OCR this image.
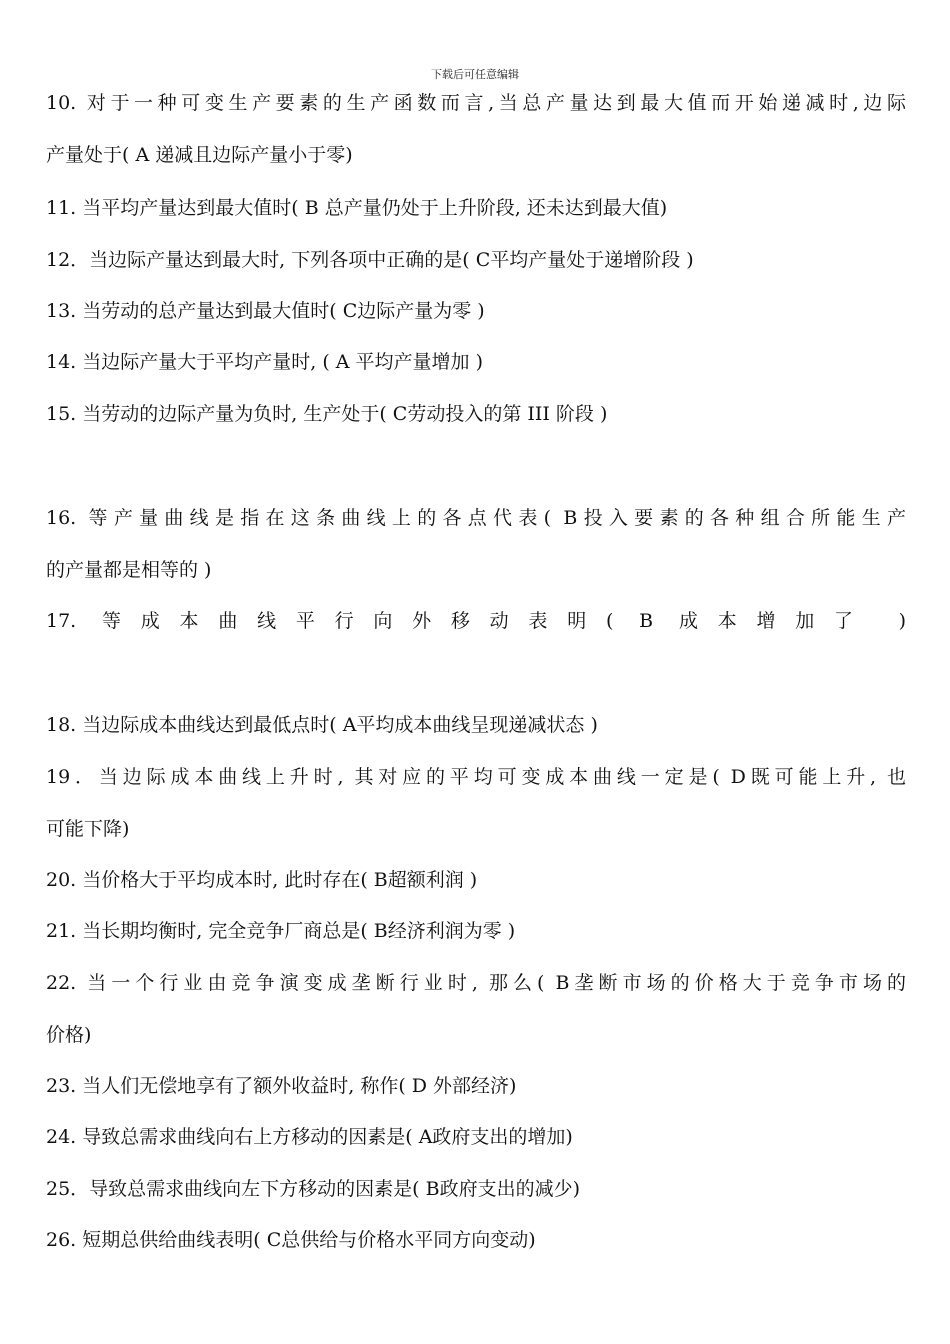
下载后可任意编辑
10. 对于一种可变生产要素的生产函数而言,当总产量达到最大值而开始递减时,边际
产量处于( A 递减且边际产量小于零)
11. 当平均产量达到最大值时( B 总产量仍处于上升阶段, 还未达到最大值)
12．当边际产量达到最大时, 下列各项中正确的是( C平均产量处于递增阶段 )
13. 当劳动的总产量达到最大值时( C边际产量为零 )
14. 当边际产量大于平均产量时, ( A 平均产量增加 )
15. 当劳动的边际产量为负时, 生产处于( C劳动投入的第 III 阶段 )
16. 等产量曲线是指在这条曲线上的各点代表( B投入要素的各种组合所能生产
的产量都是相等的 )
17. 等成本曲线平行向外移动表明( B 成本增加了 )
18. 当边际成本曲线达到最低点时( A平均成本曲线呈现递减状态 )
19．当边际成本曲线上升时, 其对应的平均可变成本曲线一定是( D既可能上升, 也
可能下降)
20. 当价格大于平均成本时, 此时存在( B超额利润 )
21. 当长期均衡时, 完全竞争厂商总是( B经济利润为零 )
22. 当一个行业由竞争演变成垄断行业时, 那么( B垄断市场的价格大于竞争市场的
价格)
23. 当人们无偿地享有了额外收益时, 称作( D 外部经济)
24. 导致总需求曲线向右上方移动的因素是( A政府支出的增加)
25．导致总需求曲线向左下方移动的因素是( B政府支出的减少)
26. 短期总供给曲线表明( C总供给与价格水平同方向变动)
